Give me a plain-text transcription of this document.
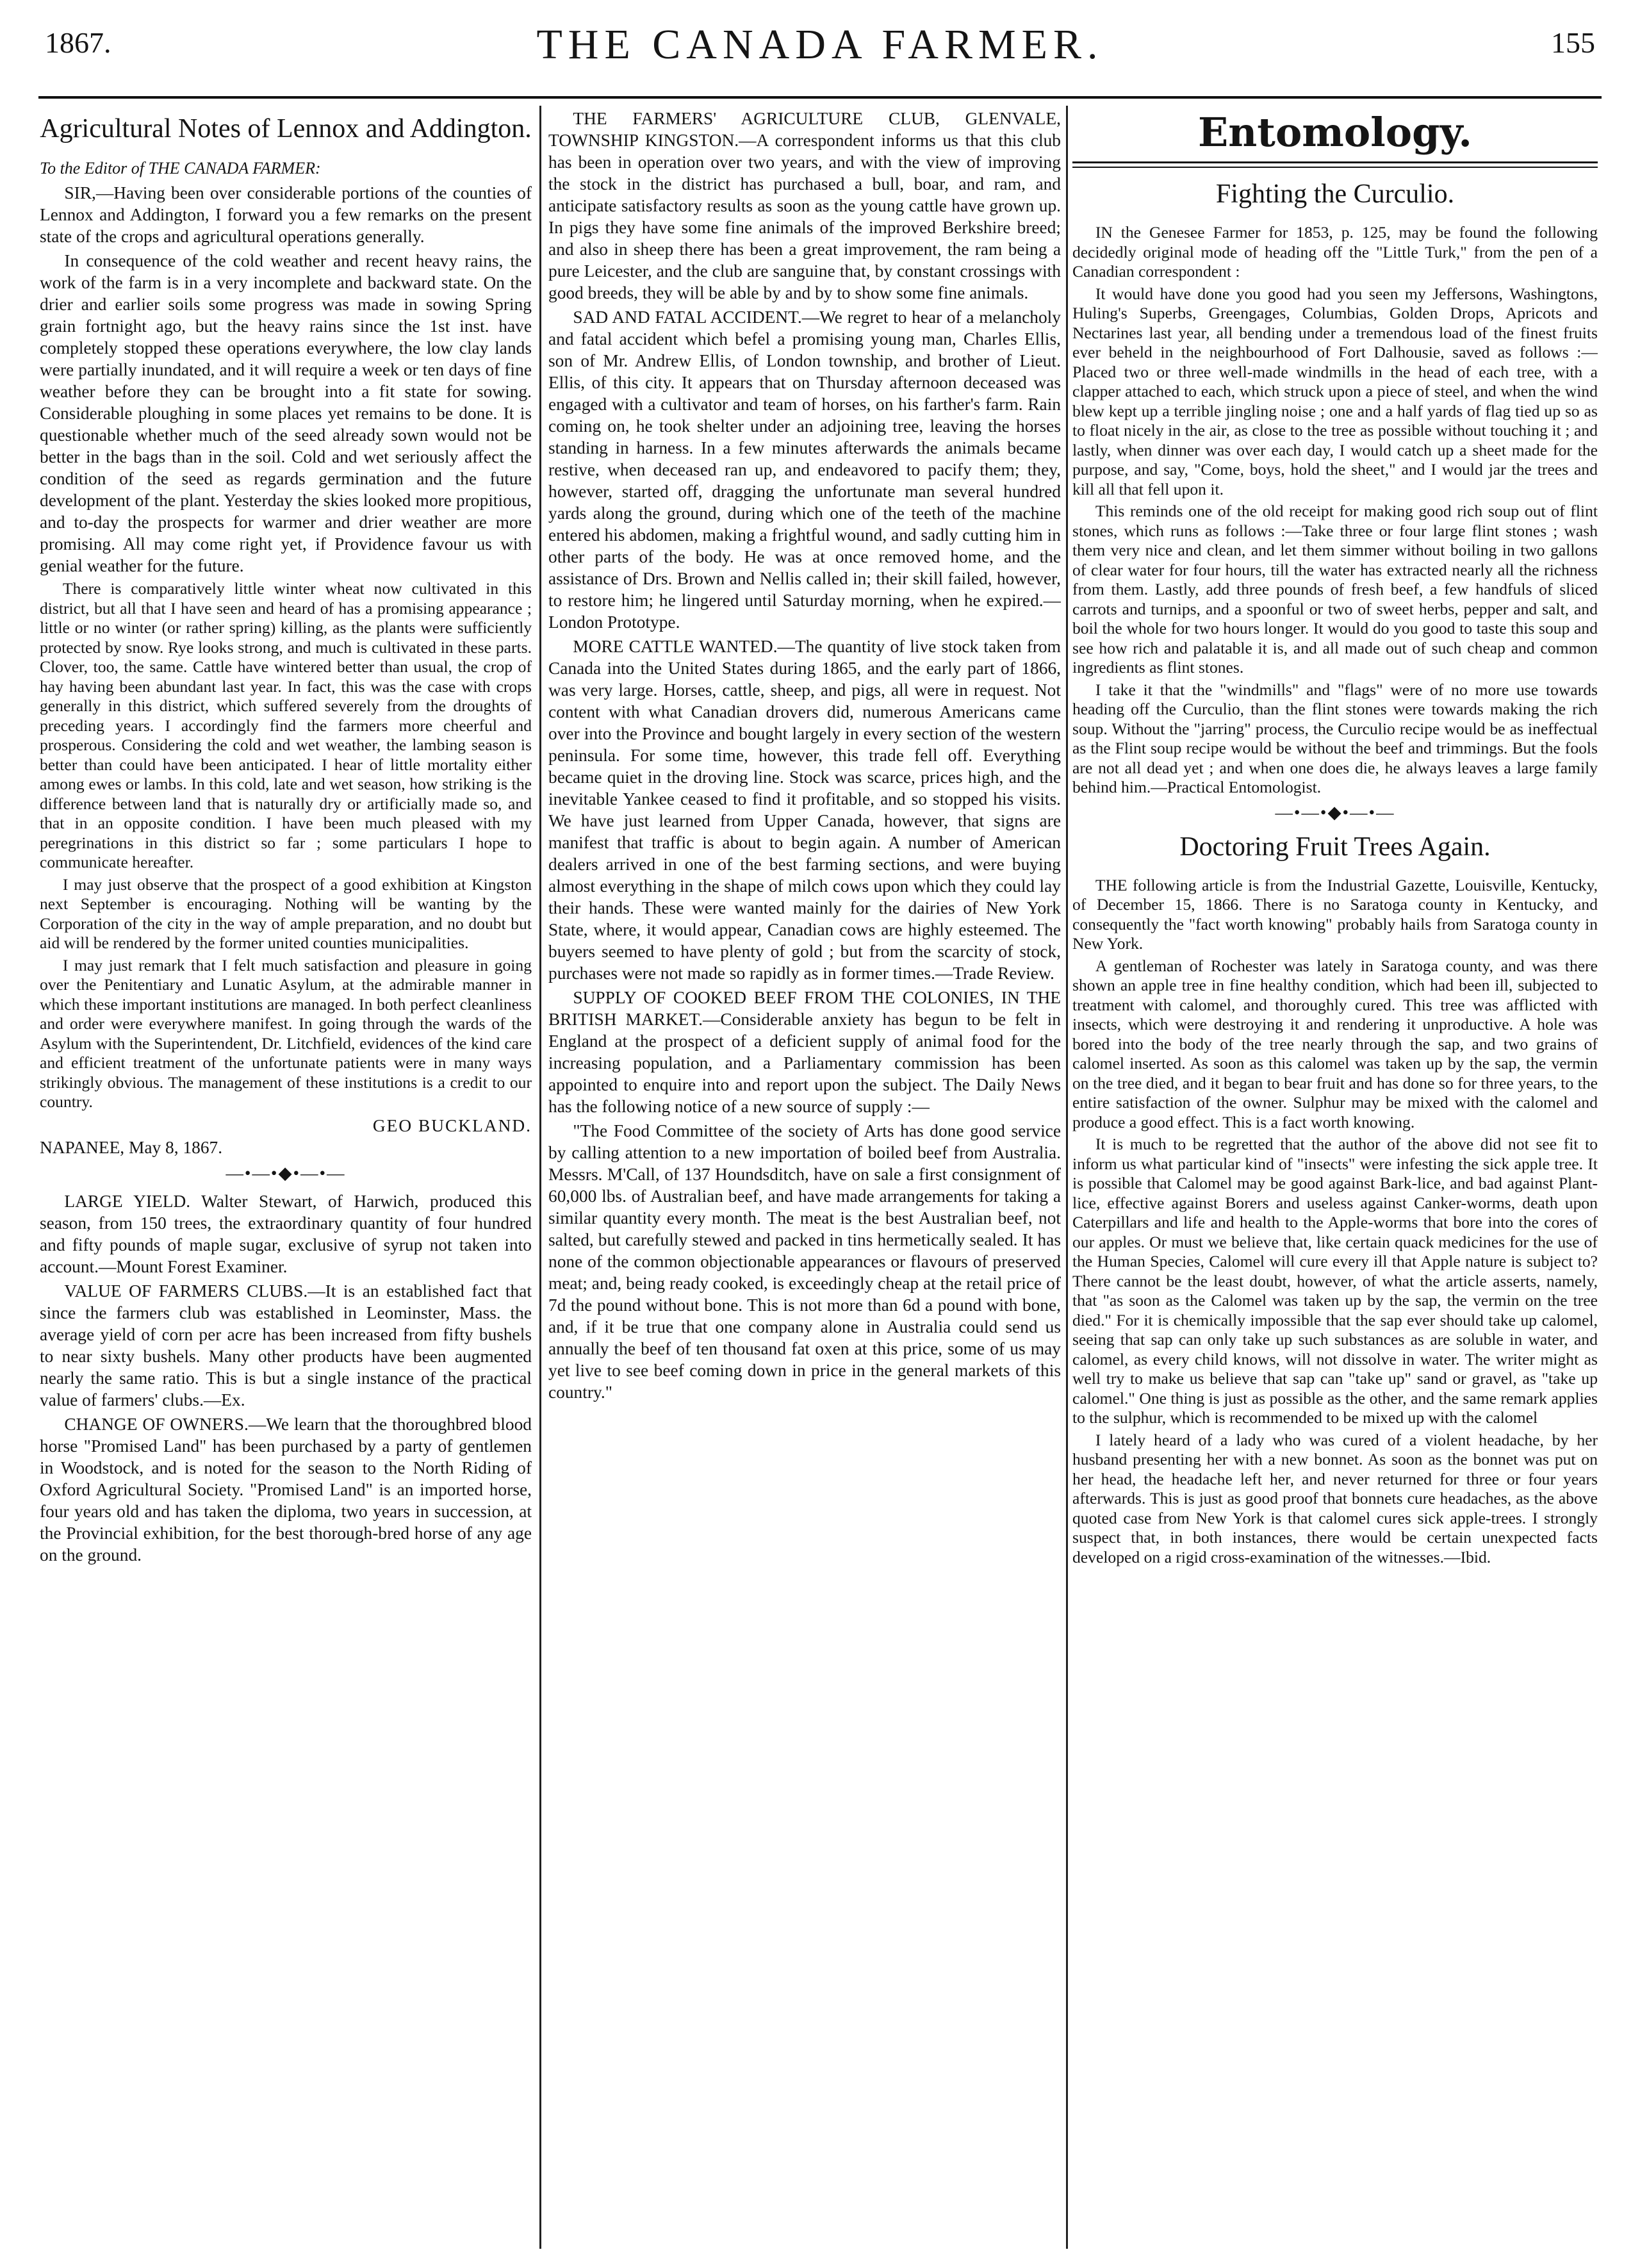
1867.	THE CANADA FARMER.	155
Agricultural Notes of Lennox and Addington.
To the Editor of THE CANADA FARMER:

SIR,—Having been over considerable portions of the counties of Lennox and Addington, I forward you a few remarks on the present state of the crops and agricultural operations generally.

In consequence of the cold weather and recent heavy rains, the work of the farm is in a very incomplete and backward state. On the drier and earlier soils some progress was made in sowing Spring grain fortnight ago, but the heavy rains since the 1st inst. have completely stopped these operations everywhere, the low clay lands were partially inundated, and it will require a week or ten days of fine weather before they can be brought into a fit state for sowing. Considerable ploughing in some places yet remains to be done. It is questionable whether much of the seed already sown would not be better in the bags than in the soil. Cold and wet seriously affect the condition of the seed as regards germination and the future development of the plant. Yesterday the skies looked more propitious, and to-day the prospects for warmer and drier weather are more promising. All may come right yet, if Providence favour us with genial weather for the future.

There is comparatively little winter wheat now cultivated in this district, but all that I have seen and heard of has a promising appearance ; little or no winter (or rather spring) killing, as the plants were sufficiently protected by snow. Rye looks strong, and much is cultivated in these parts. Clover, too, the same. Cattle have wintered better than usual, the crop of hay having been abundant last year. In fact, this was the case with crops generally in this district, which suffered severely from the droughts of preceding years. I accordingly find the farmers more cheerful and prosperous. Considering the cold and wet weather, the lambing season is better than could have been anticipated. I hear of little mortality either among ewes or lambs. In this cold, late and wet season, how striking is the difference between land that is naturally dry or artificially made so, and that in an opposite condition. I have been much pleased with my peregrinations in this district so far ; some particulars I hope to communicate hereafter.

I may just observe that the prospect of a good exhibition at Kingston next September is encouraging. Nothing will be wanting by the Corporation of the city in the way of ample preparation, and no doubt but aid will be rendered by the former united counties municipalities.

I may just remark that I felt much satisfaction and pleasure in going over the Penitentiary and Lunatic Asylum, at the admirable manner in which these important institutions are managed. In both perfect cleanliness and order were everywhere manifest. In going through the wards of the Asylum with the Superintendent, Dr. Litchfield, evidences of the kind care and efficient treatment of the unfortunate patients were in many ways strikingly obvious. The management of these institutions is a credit to our country.

GEO BUCKLAND.
NAPANEE, May 8, 1867.
—•—•◆•—•—

LARGE YIELD. Walter Stewart, of Harwich, produced this season, from 150 trees, the extraordinary quantity of four hundred and fifty pounds of maple sugar, exclusive of syrup not taken into account.—Mount Forest Examiner.

VALUE OF FARMERS CLUBS.—It is an established fact that since the farmers club was established in Leominster, Mass. the average yield of corn per acre has been increased from fifty bushels to near sixty bushels. Many other products have been augmented nearly the same ratio. This is but a single instance of the practical value of farmers' clubs.—Ex.

CHANGE OF OWNERS.—We learn that the thoroughbred blood horse "Promised Land" has been purchased by a party of gentlemen in Woodstock, and is noted for the season to the North Riding of Oxford Agricultural Society. "Promised Land" is an imported horse, four years old and has taken the diploma, two years in succession, at the Provincial exhibition, for the best thorough-bred horse of any age on the ground.

THE FARMERS' AGRICULTURE CLUB, GLENVALE, TOWNSHIP KINGSTON.—A correspondent informs us that this club has been in operation over two years, and with the view of improving the stock in the district has purchased a bull, boar, and ram, and anticipate satisfactory results as soon as the young cattle have grown up. In pigs they have some fine animals of the improved Berkshire breed; and also in sheep there has been a great improvement, the ram being a pure Leicester, and the club are sanguine that, by constant crossings with good breeds, they will be able by and by to show some fine animals.

SAD AND FATAL ACCIDENT.—We regret to hear of a melancholy and fatal accident which befel a promising young man, Charles Ellis, son of Mr. Andrew Ellis, of London township, and brother of Lieut. Ellis, of this city. It appears that on Thursday afternoon deceased was engaged with a cultivator and team of horses, on his farther's farm. Rain coming on, he took shelter under an adjoining tree, leaving the horses standing in harness. In a few minutes afterwards the animals became restive, when deceased ran up, and endeavored to pacify them; they, however, started off, dragging the unfortunate man several hundred yards along the ground, during which one of the teeth of the machine entered his abdomen, making a frightful wound, and sadly cutting him in other parts of the body. He was at once removed home, and the assistance of Drs. Brown and Nellis called in; their skill failed, however, to restore him; he lingered until Saturday morning, when he expired.—London Prototype.

MORE CATTLE WANTED.—The quantity of live stock taken from Canada into the United States during 1865, and the early part of 1866, was very large. Horses, cattle, sheep, and pigs, all were in request. Not content with what Canadian drovers did, numerous Americans came over into the Province and bought largely in every section of the western peninsula. For some time, however, this trade fell off. Everything became quiet in the droving line. Stock was scarce, prices high, and the inevitable Yankee ceased to find it profitable, and so stopped his visits. We have just learned from Upper Canada, however, that signs are manifest that traffic is about to begin again. A number of American dealers arrived in one of the best farming sections, and were buying almost everything in the shape of milch cows upon which they could lay their hands. These were wanted mainly for the dairies of New York State, where, it would appear, Canadian cows are highly esteemed. The buyers seemed to have plenty of gold ; but from the scarcity of stock, purchases were not made so rapidly as in former times.—Trade Review.

SUPPLY OF COOKED BEEF FROM THE COLONIES, IN THE BRITISH MARKET.—Considerable anxiety has begun to be felt in England at the prospect of a deficient supply of animal food for the increasing population, and a Parliamentary commission has been appointed to enquire into and report upon the subject. The Daily News has the following notice of a new source of supply :—

"The Food Committee of the society of Arts has done good service by calling attention to a new importation of boiled beef from Australia. Messrs. M'Call, of 137 Houndsditch, have on sale a first consignment of 60,000 lbs. of Australian beef, and have made arrangements for taking a similar quantity every month. The meat is the best Australian beef, not salted, but carefully stewed and packed in tins hermetically sealed. It has none of the common objectionable appearances or flavours of preserved meat; and, being ready cooked, is exceedingly cheap at the retail price of 7d the pound without bone. This is not more than 6d a pound with bone, and, if it be true that one company alone in Australia could send us annually the beef of ten thousand fat oxen at this price, some of us may yet live to see beef coming down in price in the general markets of this country."

Entomology.
Fighting the Curculio.

IN the Genesee Farmer for 1853, p. 125, may be found the following decidedly original mode of heading off the "Little Turk," from the pen of a Canadian correspondent :

It would have done you good had you seen my Jeffersons, Washingtons, Huling's Superbs, Greengages, Columbias, Golden Drops, Apricots and Nectarines last year, all bending under a tremendous load of the finest fruits ever beheld in the neighbourhood of Fort Dalhousie, saved as follows :—Placed two or three well-made windmills in the head of each tree, with a clapper attached to each, which struck upon a piece of steel, and when the wind blew kept up a terrible jingling noise ; one and a half yards of flag tied up so as to float nicely in the air, as close to the tree as possible without touching it ; and lastly, when dinner was over each day, I would catch up a sheet made for the purpose, and say, "Come, boys, hold the sheet," and I would jar the trees and kill all that fell upon it.

This reminds one of the old receipt for making good rich soup out of flint stones, which runs as follows :—Take three or four large flint stones ; wash them very nice and clean, and let them simmer without boiling in two gallons of clear water for four hours, till the water has extracted nearly all the richness from them. Lastly, add three pounds of fresh beef, a few handfuls of sliced carrots and turnips, and a spoonful or two of sweet herbs, pepper and salt, and boil the whole for two hours longer. It would do you good to taste this soup and see how rich and palatable it is, and all made out of such cheap and common ingredients as flint stones.

I take it that the "windmills" and "flags" were of no more use towards heading off the Curculio, than the flint stones were towards making the rich soup. Without the "jarring" process, the Curculio recipe would be as ineffectual as the Flint soup recipe would be without the beef and trimmings. But the fools are not all dead yet ; and when one does die, he always leaves a large family behind him.—Practical Entomologist.

—•—•◆•—•—
Doctoring Fruit Trees Again.

THE following article is from the Industrial Gazette, Louisville, Kentucky, of December 15, 1866. There is no Saratoga county in Kentucky, and consequently the "fact worth knowing" probably hails from Saratoga county in New York.

A gentleman of Rochester was lately in Saratoga county, and was there shown an apple tree in fine healthy condition, which had been ill, subjected to treatment with calomel, and thoroughly cured. This tree was afflicted with insects, which were destroying it and rendering it unproductive. A hole was bored into the body of the tree nearly through the sap, and two grains of calomel inserted. As soon as this calomel was taken up by the sap, the vermin on the tree died, and it began to bear fruit and has done so for three years, to the entire satisfaction of the owner. Sulphur may be mixed with the calomel and produce a good effect. This is a fact worth knowing.

It is much to be regretted that the author of the above did not see fit to inform us what particular kind of "insects" were infesting the sick apple tree. It is possible that Calomel may be good against Bark-lice, and bad against Plant-lice, effective against Borers and useless against Canker-worms, death upon Caterpillars and life and health to the Apple-worms that bore into the cores of our apples. Or must we believe that, like certain quack medicines for the use of the Human Species, Calomel will cure every ill that Apple nature is subject to? There cannot be the least doubt, however, of what the article asserts, namely, that "as soon as the Calomel was taken up by the sap, the vermin on the tree died." For it is chemically impossible that the sap ever should take up calomel, seeing that sap can only take up such substances as are soluble in water, and calomel, as every child knows, will not dissolve in water. The writer might as well try to make us believe that sap can "take up" sand or gravel, as "take up calomel." One thing is just as possible as the other, and the same remark applies to the sulphur, which is recommended to be mixed up with the calomel

I lately heard of a lady who was cured of a violent headache, by her husband presenting her with a new bonnet. As soon as the bonnet was put on her head, the headache left her, and never returned for three or four years afterwards. This is just as good proof that bonnets cure headaches, as the above quoted case from New York is that calomel cures sick apple-trees. I strongly suspect that, in both instances, there would be certain unexpected facts developed on a rigid cross-examination of the witnesses.—Ibid.
